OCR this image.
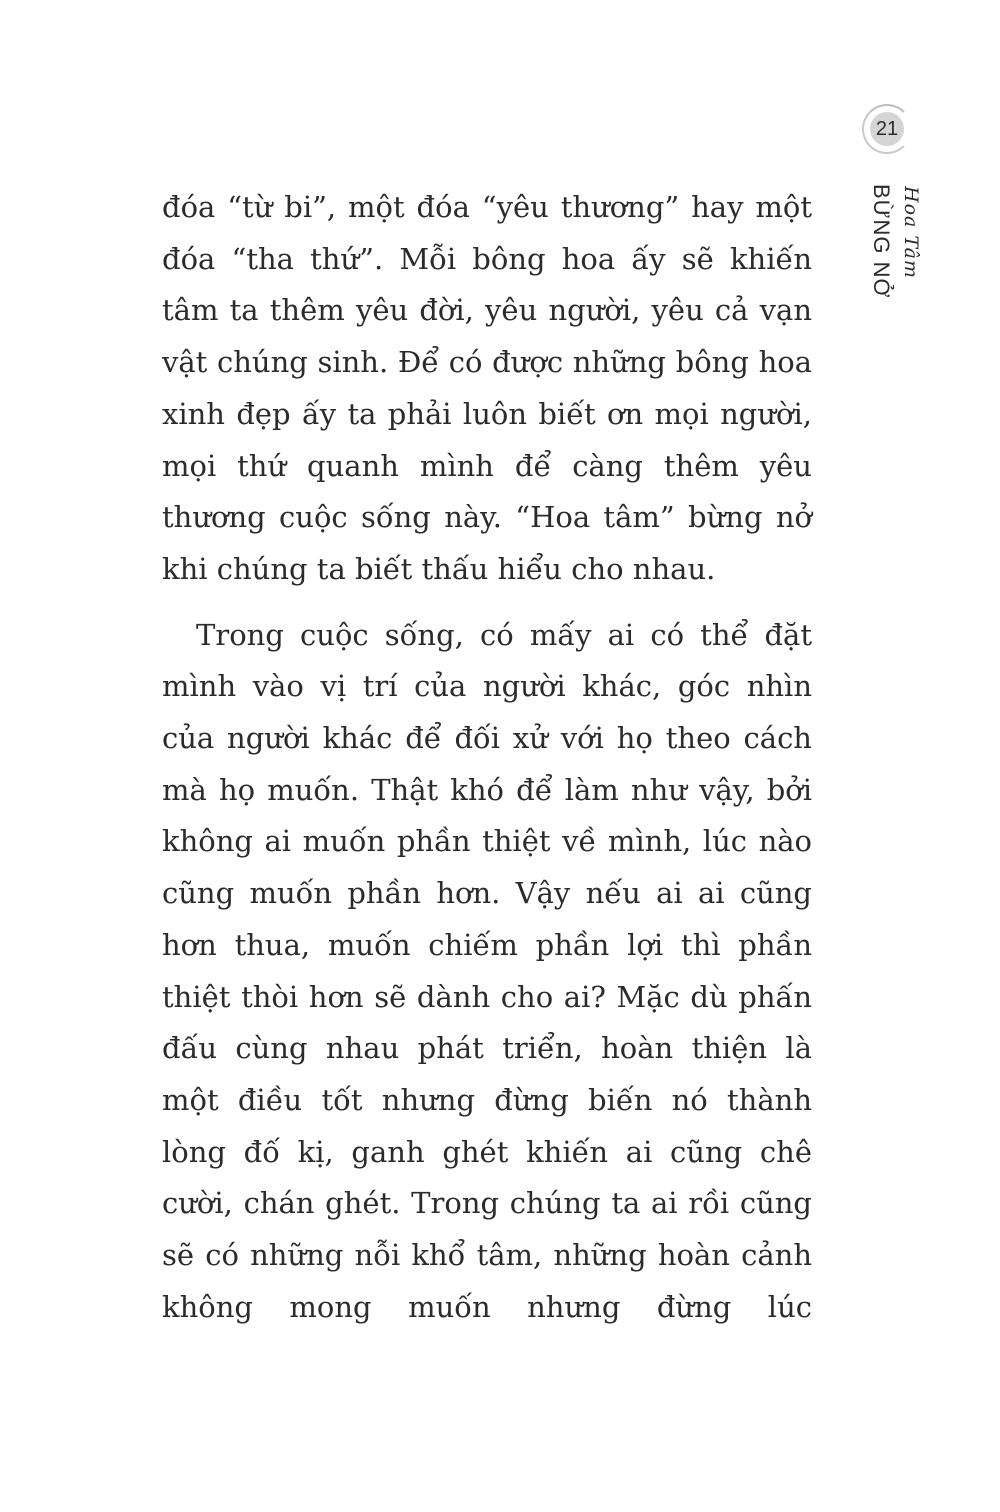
21
Hoa Tâm
BỪNG NỞ

đóa “từ bi”, một đóa “yêu thương” hay một đóa “tha thứ”. Mỗi bông hoa ấy sẽ khiến tâm ta thêm yêu đời, yêu người, yêu cả vạn vật chúng sinh. Để có được những bông hoa xinh đẹp ấy ta phải luôn biết ơn mọi người, mọi thứ quanh mình để càng thêm yêu thương cuộc sống này. “Hoa tâm” bừng nở khi chúng ta biết thấu hiểu cho nhau.

Trong cuộc sống, có mấy ai có thể đặt mình vào vị trí của người khác, góc nhìn của người khác để đối xử với họ theo cách mà họ muốn. Thật khó để làm như vậy, bởi không ai muốn phần thiệt về mình, lúc nào cũng muốn phần hơn. Vậy nếu ai ai cũng hơn thua, muốn chiếm phần lợi thì phần thiệt thòi hơn sẽ dành cho ai? Mặc dù phấn đấu cùng nhau phát triển, hoàn thiện là một điều tốt nhưng đừng biến nó thành lòng đố kị, ganh ghét khiến ai cũng chê cười, chán ghét. Trong chúng ta ai rồi cũng sẽ có những nỗi khổ tâm, những hoàn cảnh không mong muốn nhưng đừng lúc
